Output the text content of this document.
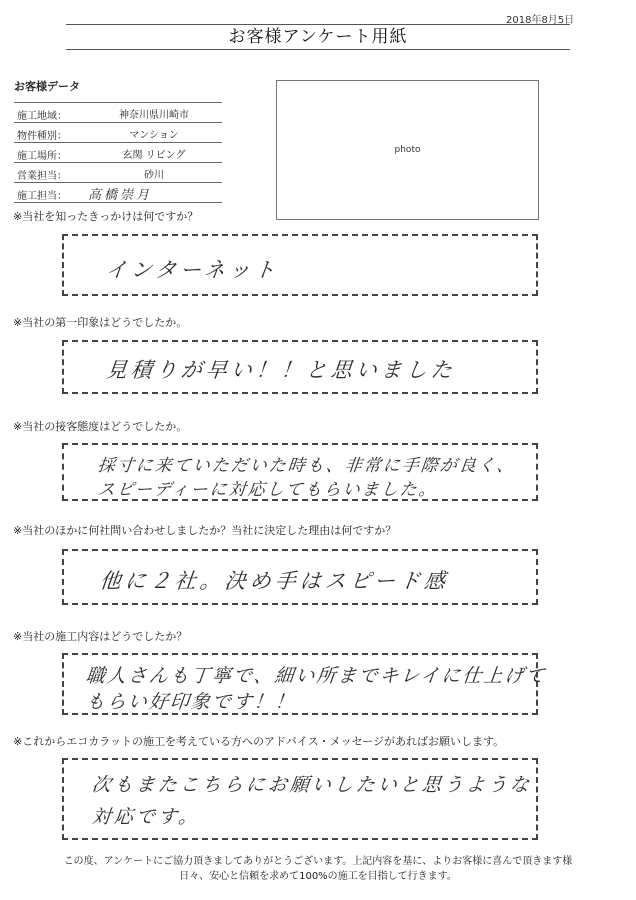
2018年8月5日
お客様アンケート用紙
お客様データ
施工地域：	神奈川県川崎市
物件種別：	マンション
施工場所：	玄関 リビング
営業担当：	砂川
施工担当： 高橋崇月
photo
※当社を知ったきっかけは何ですか？
インターネット
※当社の第一印象はどうでしたか。
見積りが早い！！と思いました
※当社の接客態度はどうでしたか。
採寸に来ていただいた時も、非常に手際が良く、
スピーディーに対応してもらいました。
※当社のほかに何社問い合わせしましたか？当社に決定した理由は何ですか？
他に２社。決め手はスピード感
※当社の施工内容はどうでしたか？
職人さんも丁寧で、細い所までキレイに仕上げて
もらい好印象です！！
※これからエコカラットの施工を考えている方へのアドバイス・メッセージがあればお願いします。
次もまたこちらにお願いしたいと思うような
対応です。
この度、アンケートにご協力頂きましてありがとうございます。上記内容を基に、よりお客様に喜んで頂きます様
日々、安心と信頼を求めて100%の施工を目指して行きます。
